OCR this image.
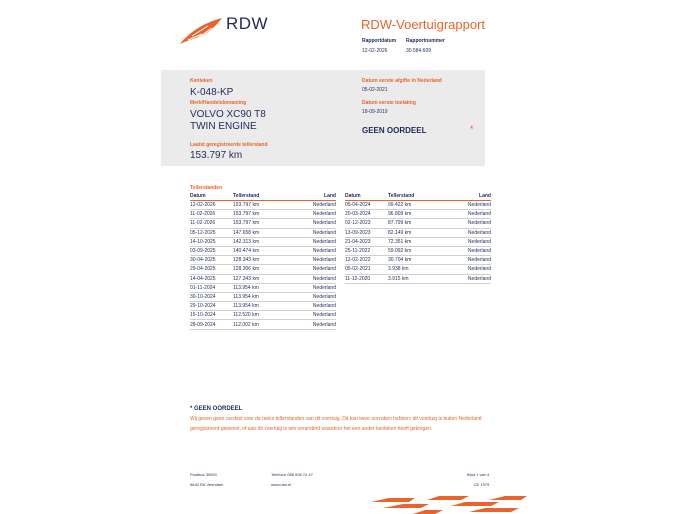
RDW	RDW-Voertuigrapport
Rapportdatum
12-02-2026
Rapportnummer
30.584.609
Kenteken
K-048-KP
Merk/Handelsbenaming
VOLVO XC90 T8
TWIN ENGINE
Laatst geregistreerde tellerstand
153.797 km
Datum eerste afgifte in Nederland
05-02-2021
Datum eerste toelating
18-09-2019
GEEN OORDEEL	*
Tellerstanden
Datum	Tellerstand	Land
12-02-2026	153.797 km	Nederland
11-02-2026	153.797 km	Nederland
11-02-2026	153.797 km	Nederland
05-12-2025	147.658 km	Nederland
14-10-2025	142.313 km	Nederland
03-09-2025	140.474 km	Nederland
30-04-2025	128.343 km	Nederland
29-04-2025	128.306 km	Nederland
14-04-2025	127.343 km	Nederland
01-11-2024	113.954 km	Nederland
30-10-2024	113.954 km	Nederland
29-10-2024	113.954 km	Nederland
15-10-2024	112.520 km	Nederland
28-09-2024	112.002 km	Nederland
Datum	Tellerstand	Land
05-04-2024	99.422 km	Nederland
20-03-2024	96.809 km	Nederland
02-12-2023	87.799 km	Nederland
13-09-2023	82.149 km	Nederland
21-04-2023	72.351 km	Nederland
25-11-2022	59.092 km	Nederland
12-02-2022	30.704 km	Nederland
05-02-2021	3.938 km	Nederland
11-12-2020	3.915 km	Nederland
* GEEN OORDEEL
Wij geven geen oordeel over de reeks tellerstanden van dit voertuig. Dit kan twee oorzaken hebben: dit voertuig is buiten Nederland geregistreerd geweest, of aan dit voertuig is iets veranderd waardoor het een ander kenteken heeft gekregen.
Postbus 30000
9640 RA Veendam
Telefoon 088 008 74 47
www.rdw.nl
Blad 1 van 4
CE 1979
